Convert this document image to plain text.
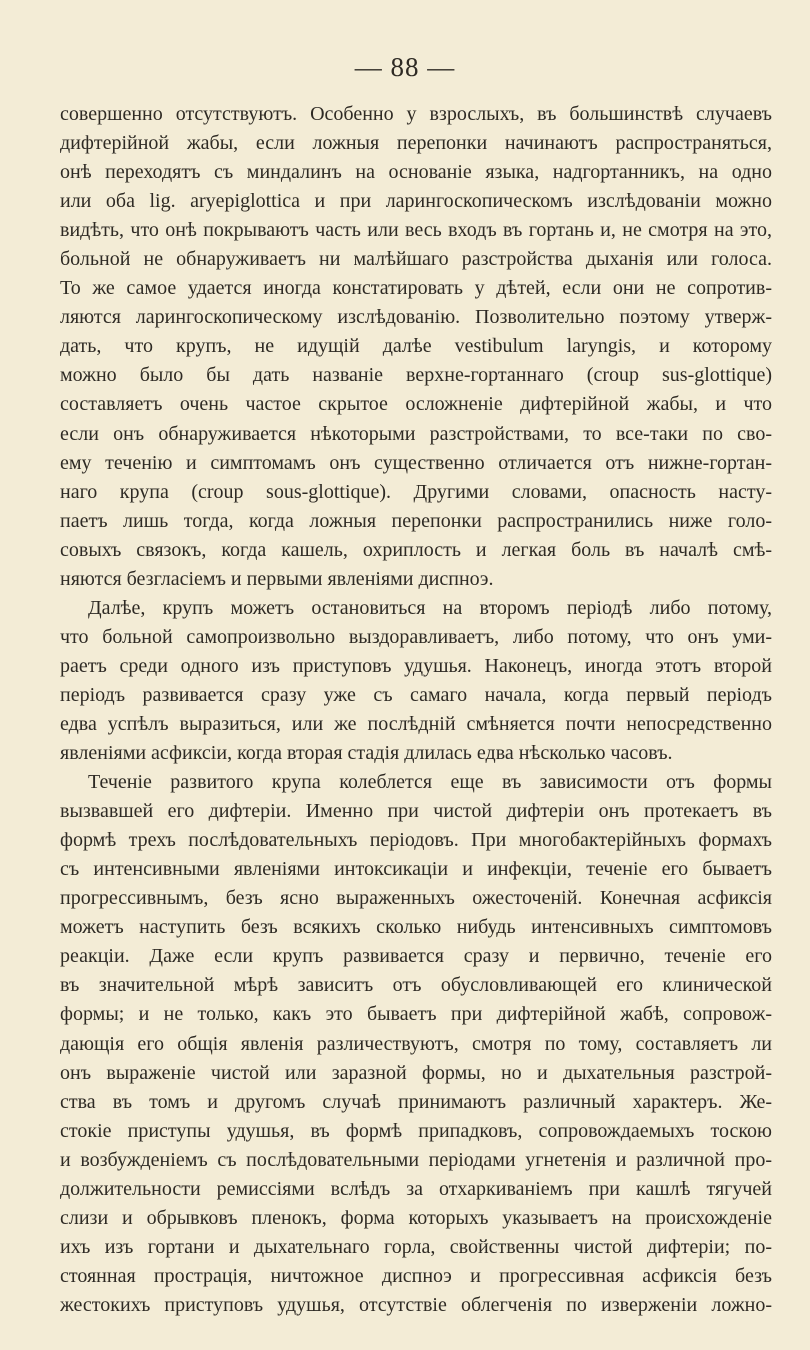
— 88 —
совершенно отсутствуютъ. Особенно у взрослыхъ, въ большинствѣ случаевъ
дифтерійной жабы, если ложныя перепонки начинаютъ распространяться,
онѣ переходятъ съ миндалинъ на основаніе языка, надгортанникъ, на одно
или оба lig. aryepiglottica и при ларингоскопическомъ изслѣдованіи можно
видѣть, что онѣ покрываютъ часть или весь входъ въ гортань и, не смотря на это,
больной не обнаруживаетъ ни малѣйшаго разстройства дыханія или голоса.
То же самое удается иногда констатировать у дѣтей, если они не сопротив-
ляются ларингоскопическому изслѣдованію. Позволительно поэтому утверж-
дать, что крупъ, не идущій далѣе vestibulum laryngis, и которому
можно было бы дать названіе верхне-гортаннаго (croup sus-glottique)
составляетъ очень частое скрытое осложненіе дифтерійной жабы, и что
если онъ обнаруживается нѣкоторыми разстройствами, то все-таки по сво-
ему теченію и симптомамъ онъ существенно отличается отъ нижне-гортан-
наго крупа (croup sous-glottique). Другими словами, опасность насту-
паетъ лишь тогда, когда ложныя перепонки распространились ниже голо-
совыхъ связокъ, когда кашель, охриплость и легкая боль въ началѣ смѣ-
няются безгласіемъ и первыми явленіями диспноэ.
Далѣе, крупъ можетъ остановиться на второмъ періодѣ либо потому,
что больной самопроизвольно выздоравливаетъ, либо потому, что онъ уми-
раетъ среди одного изъ приступовъ удушья. Наконецъ, иногда этотъ второй
періодъ развивается сразу уже съ самаго начала, когда первый періодъ
едва успѣлъ выразиться, или же послѣдній смѣняется почти непосредственно
явленіями асфиксіи, когда вторая стадія длилась едва нѣсколько часовъ.
Теченіе развитого крупа колеблется еще въ зависимости отъ формы
вызвавшей его дифтеріи. Именно при чистой дифтеріи онъ протекаетъ въ
формѣ трехъ послѣдовательныхъ періодовъ. При многобактерійныхъ формахъ
съ интенсивными явленіями интоксикаціи и инфекціи, теченіе его бываетъ
прогрессивнымъ, безъ ясно выраженныхъ ожесточеній. Конечная асфиксія
можетъ наступить безъ всякихъ сколько нибудь интенсивныхъ симптомовъ
реакціи. Даже если крупъ развивается сразу и первично, теченіе его
въ значительной мѣрѣ зависитъ отъ обусловливающей его клинической
формы; и не только, какъ это бываетъ при дифтерійной жабѣ, сопровож-
дающія его общія явленія различествуютъ, смотря по тому, составляетъ ли
онъ выраженіе чистой или заразной формы, но и дыхательныя разстрой-
ства въ томъ и другомъ случаѣ принимаютъ различный характеръ. Же-
стокіе приступы удушья, въ формѣ припадковъ, сопровождаемыхъ тоскою
и возбужденіемъ съ послѣдовательными періодами угнетенія и различной про-
должительности ремиссіями вслѣдъ за отхаркиваніемъ при кашлѣ тягучей
слизи и обрывковъ пленокъ, форма которыхъ указываетъ на происхожденіе
ихъ изъ гортани и дыхательнаго горла, свойственны чистой дифтеріи; по-
стоянная прострація, ничтожное диспноэ и прогрессивная асфиксія безъ
жестокихъ приступовъ удушья, отсутствіе облегченія по изверженіи ложно-
